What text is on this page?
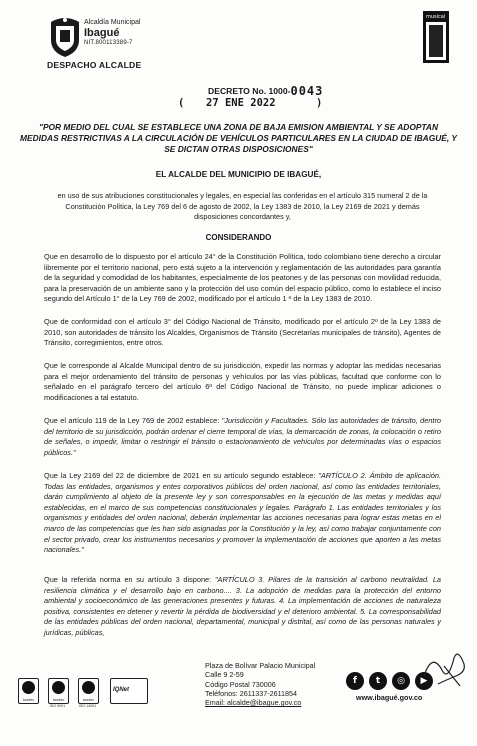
Alcaldía Municipal
Ibagué
NIT.800113389-7
DESPACHO ALCALDE
musical
DECRETO No. 1000-0043
( 27 ENE 2022	)
"POR MEDIO DEL CUAL SE ESTABLECE UNA ZONA DE BAJA EMISION AMBIENTAL Y SE ADOPTAN MEDIDAS RESTRICTIVAS A LA CIRCULACIÓN DE VEHÍCULOS PARTICULARES EN LA CIUDAD DE IBAGUÉ, Y SE DICTAN OTRAS DISPOSICIONES"
EL ALCALDE DEL MUNICIPIO DE IBAGUÉ,
en uso de sus atribuciones constitucionales y legales, en especial las conferidas en el artículo 315 numeral 2 de la Constitución Política, la Ley 769 del 6 de agosto de 2002, la Ley 1383 de 2010, la Ley 2169 de 2021 y demás disposiciones concordantes y,
CONSIDERANDO
Que en desarrollo de lo dispuesto por el artículo 24° de la Constitución Política, todo colombiano tiene derecho a circular libremente por el territorio nacional, pero está sujeto a la intervención y reglamentación de las autoridades para garantía de la seguridad y comodidad de los habitantes, especialmente de los peatones y de las personas con movilidad reducida, para la preservación de un ambiente sano y la protección del uso común del espacio público, como lo establece el inciso segundo del Artículo 1° de la Ley 769 de 2002, modificado por el artículo 1 º de la Ley 1383 de 2010.
Que de conformidad con el artículo 3° del Código Nacional de Tránsito, modificado por el artículo 2º de la Ley 1383 de 2010, son autoridades de tránsito los Alcaldes, Organismos de Tránsito (Secretarías municipales de tránsito), Agentes de Tránsito, corregimientos, entre otros.
Que le corresponde al Alcalde Municipal dentro de su jurisdicción, expedir las normas y adoptar las medidas necesarias para el mejor ordenamiento del tránsito de personas y vehículos por las vías públicas, facultad que conforme con lo señalado en el parágrafo tercero del artículo 6º del Código Nacional de Tránsito, no puede implicar adiciones o modificaciones a tal estatuto.
Que el artículo 119 de la Ley 769 de 2002 establece: "Jurisdicción y Facultades. Sólo las autoridades de tránsito, dentro del territorio de su jurisdicción, podrán ordenar el cierre temporal de vías, la demarcación de zonas, la colocación o retiro de señales, o impedir, limitar o restringir el tránsito o estacionamiento de vehículos por determinadas vías o espacios públicos."
Que la Ley 2169 del 22 de diciembre de 2021 en su artículo segundo establece: "ARTÍCULO 2. Ámbito de aplicación. Todas las entidades, organismos y entes corporativos públicos del orden nacional, así como las entidades territoriales, darán cumplimiento al objeto de la presente ley y son corresponsables en la ejecución de las metas y medidas aquí establecidas, en el marco de sus competencias constitucionales y legales. Parágrafo 1. Las entidades territoriales y los organismos y entidades del orden nacional, deberán implementar las acciones necesarias para lograr estas metas en el marco de las competencias que les han sido asignadas por la Constitución y la ley, así como trabajar conjuntamente con el sector privado, crear los instrumentos necesarios y promover la implementación de acciones que aporten a las metas nacionales."
Que la referida norma en su artículo 3 dispone: "ARTÍCULO 3. Pilares de la transición al carbono neutralidad. La resiliencia climática y el desarrollo bajo en carbono.... 3. La adopción de medidas para la protección del entorno ambiental y socioeconómico de las generaciones presentes y futuras. 4. La implementación de acciones de naturaleza positiva, consistentes en detener y revertir la pérdida de biodiversidad y el deterioro ambiental. 5. La corresponsabilidad de las entidades públicas del orden nacional, departamental, municipal y distrital, así como de las personas naturales y jurídicas, públicas,
icontec	icontec	icontec
ISO 9001	ISO 14001
IQNet
Plaza de Bolívar Palacio Municipal
Calle 9 2-59
Código Postal 730006
Teléfonos: 2611337-2611854
Email: alcalde@ibague.gov.co
f	t	◎	▶
www.ibagué.gov.co
